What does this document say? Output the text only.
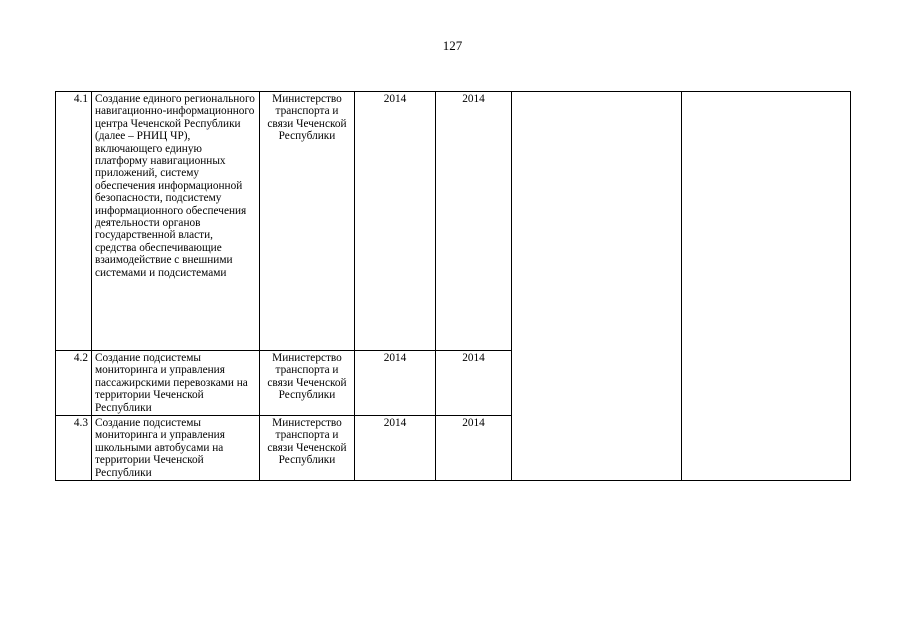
127
4.1	Создание единого регионального навигационно-информационного центра Чеченской Республики (далее – РНИЦ ЧР), включающего единую платформу навигационных приложений, систему обеспечения информационной безопасности, подсистему информационного обеспечения деятельности органов государственной власти, средства обеспечивающие взаимодействие с внешними системами и подсистемами	Министерство транспорта и связи Чеченской Республики	2014	2014		
4.2	Создание подсистемы мониторинга и управления пассажирскими перевозками на территории Чеченской Республики	Министерство транспорта и связи Чеченской Республики	2014	2014		
4.3	Создание подсистемы мониторинга и управления школьными автобусами на территории Чеченской Республики	Министерство транспорта и связи Чеченской Республики	2014	2014		
